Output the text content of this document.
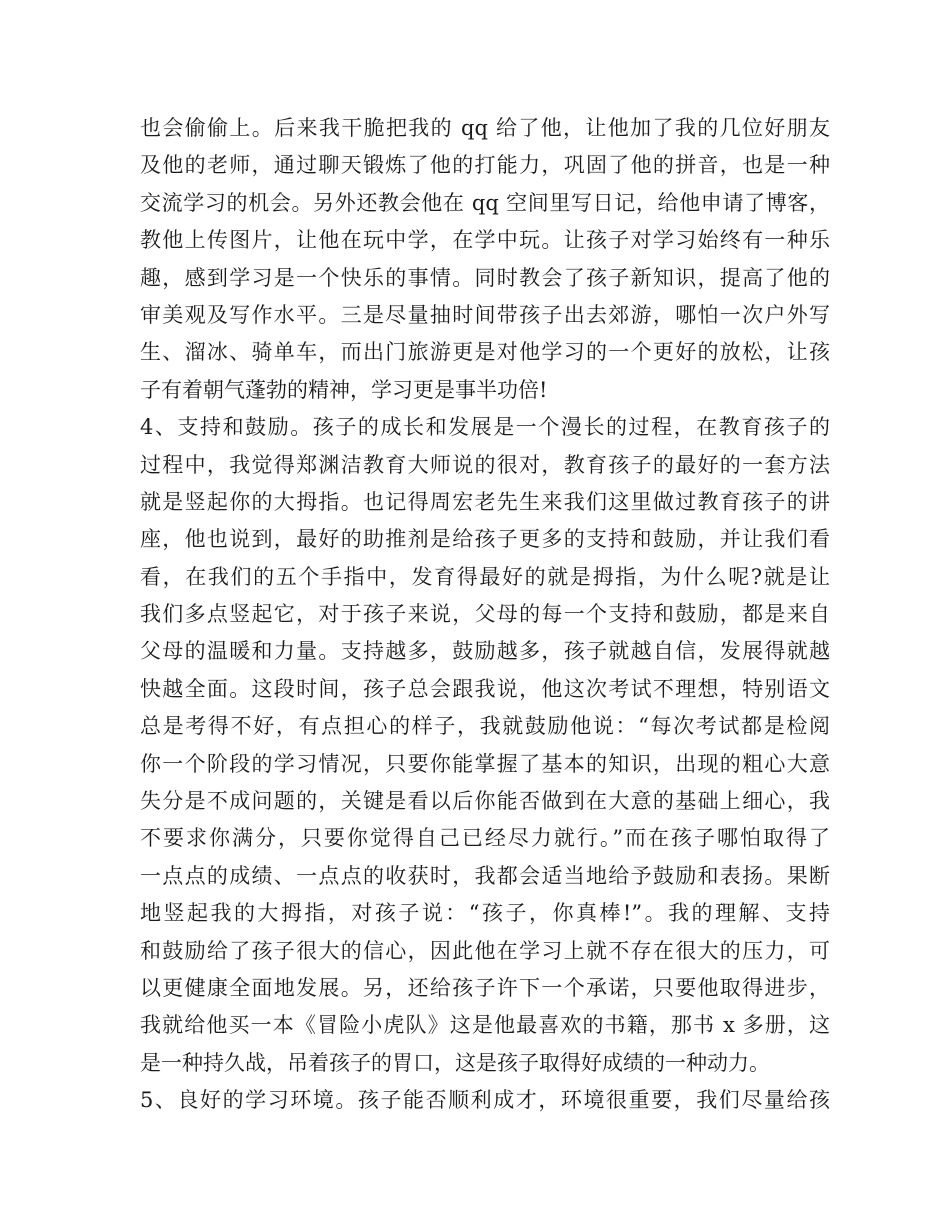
也会偷偷上。后来我干脆把我的 qq 给了他，让他加了我的几位好朋友
及他的老师，通过聊天锻炼了他的打能力，巩固了他的拼音，也是一种
交流学习的机会。另外还教会他在 qq 空间里写日记，给他申请了博客，
教他上传图片，让他在玩中学，在学中玩。让孩子对学习始终有一种乐
趣，感到学习是一个快乐的事情。同时教会了孩子新知识，提高了他的
审美观及写作水平。三是尽量抽时间带孩子出去郊游，哪怕一次户外写
生、溜冰、骑单车，而出门旅游更是对他学习的一个更好的放松，让孩
子有着朝气蓬勃的精神，学习更是事半功倍!
4、支持和鼓励。孩子的成长和发展是一个漫长的过程，在教育孩子的
过程中，我觉得郑渊洁教育大师说的很对，教育孩子的最好的一套方法
就是竖起你的大拇指。也记得周宏老先生来我们这里做过教育孩子的讲
座，他也说到，最好的助推剂是给孩子更多的支持和鼓励，并让我们看
看，在我们的五个手指中，发育得最好的就是拇指，为什么呢?就是让
我们多点竖起它，对于孩子来说，父母的每一个支持和鼓励，都是来自
父母的温暖和力量。支持越多，鼓励越多，孩子就越自信，发展得就越
快越全面。这段时间，孩子总会跟我说，他这次考试不理想，特别语文
总是考得不好，有点担心的样子，我就鼓励他说：“每次考试都是检阅
你一个阶段的学习情况，只要你能掌握了基本的知识，出现的粗心大意
失分是不成问题的，关键是看以后你能否做到在大意的基础上细心，我
不要求你满分，只要你觉得自己已经尽力就行。”而在孩子哪怕取得了
一点点的成绩、一点点的收获时，我都会适当地给予鼓励和表扬。果断
地竖起我的大拇指，对孩子说：“孩子，你真棒!”。我的理解、支持
和鼓励给了孩子很大的信心，因此他在学习上就不存在很大的压力，可
以更健康全面地发展。另，还给孩子许下一个承诺，只要他取得进步，
我就给他买一本《冒险小虎队》这是他最喜欢的书籍，那书 x 多册，这
是一种持久战，吊着孩子的胃口，这是孩子取得好成绩的一种动力。
5、良好的学习环境。孩子能否顺利成才，环境很重要，我们尽量给孩
